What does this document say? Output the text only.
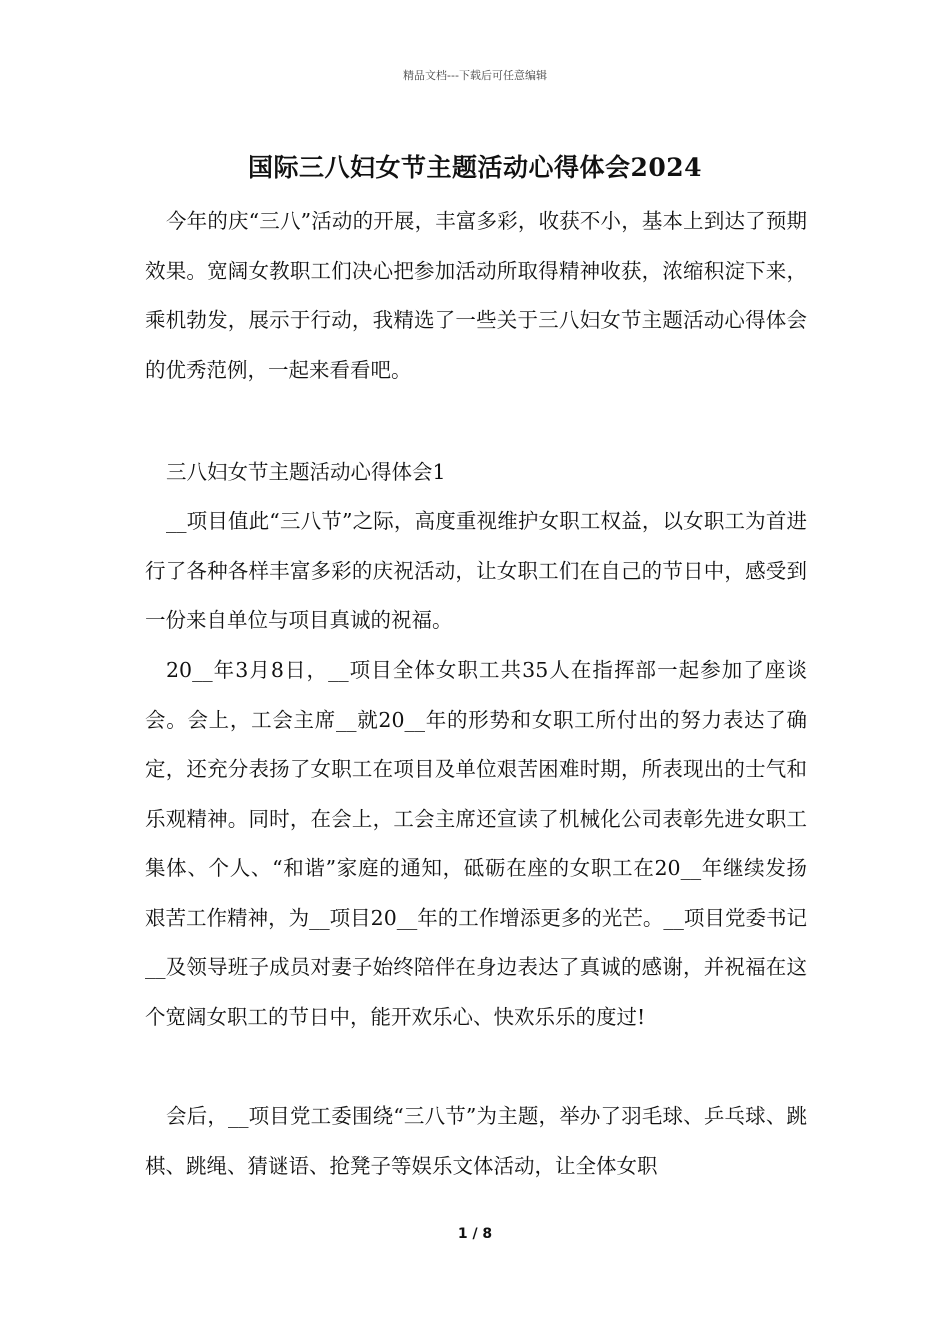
精品文档---下载后可任意编辑
国际三八妇女节主题活动心得体会2024

今年的庆“三八”活动的开展，丰富多彩，收获不小，基本上到达了预期效果。宽阔女教职工们决心把参加活动所取得精神收获，浓缩积淀下来，乘机勃发，展示于行动，我精选了一些关于三八妇女节主题活动心得体会的优秀范例，一起来看看吧。

三八妇女节主题活动心得体会1

__项目值此“三八节”之际，高度重视维护女职工权益，以女职工为首进行了各种各样丰富多彩的庆祝活动，让女职工们在自己的节日中，感受到一份来自单位与项目真诚的祝福。

20__年3月8日，__项目全体女职工共35人在指挥部一起参加了座谈会。会上，工会主席__就20__年的形势和女职工所付出的努力表达了确定，还充分表扬了女职工在项目及单位艰苦困难时期，所表现出的士气和乐观精神。同时，在会上，工会主席还宣读了机械化公司表彰先进女职工集体、个人、“和谐”家庭的通知，砥砺在座的女职工在20__年继续发扬艰苦工作精神，为__项目20__年的工作增添更多的光芒。__项目党委书记__及领导班子成员对妻子始终陪伴在身边表达了真诚的感谢，并祝福在这个宽阔女职工的节日中，能开欢乐心、快欢乐乐的度过!

会后，__项目党工委围绕“三八节”为主题，举办了羽毛球、乒乓球、跳棋、跳绳、猜谜语、抢凳子等娱乐文体活动，让全体女职

1 / 8
